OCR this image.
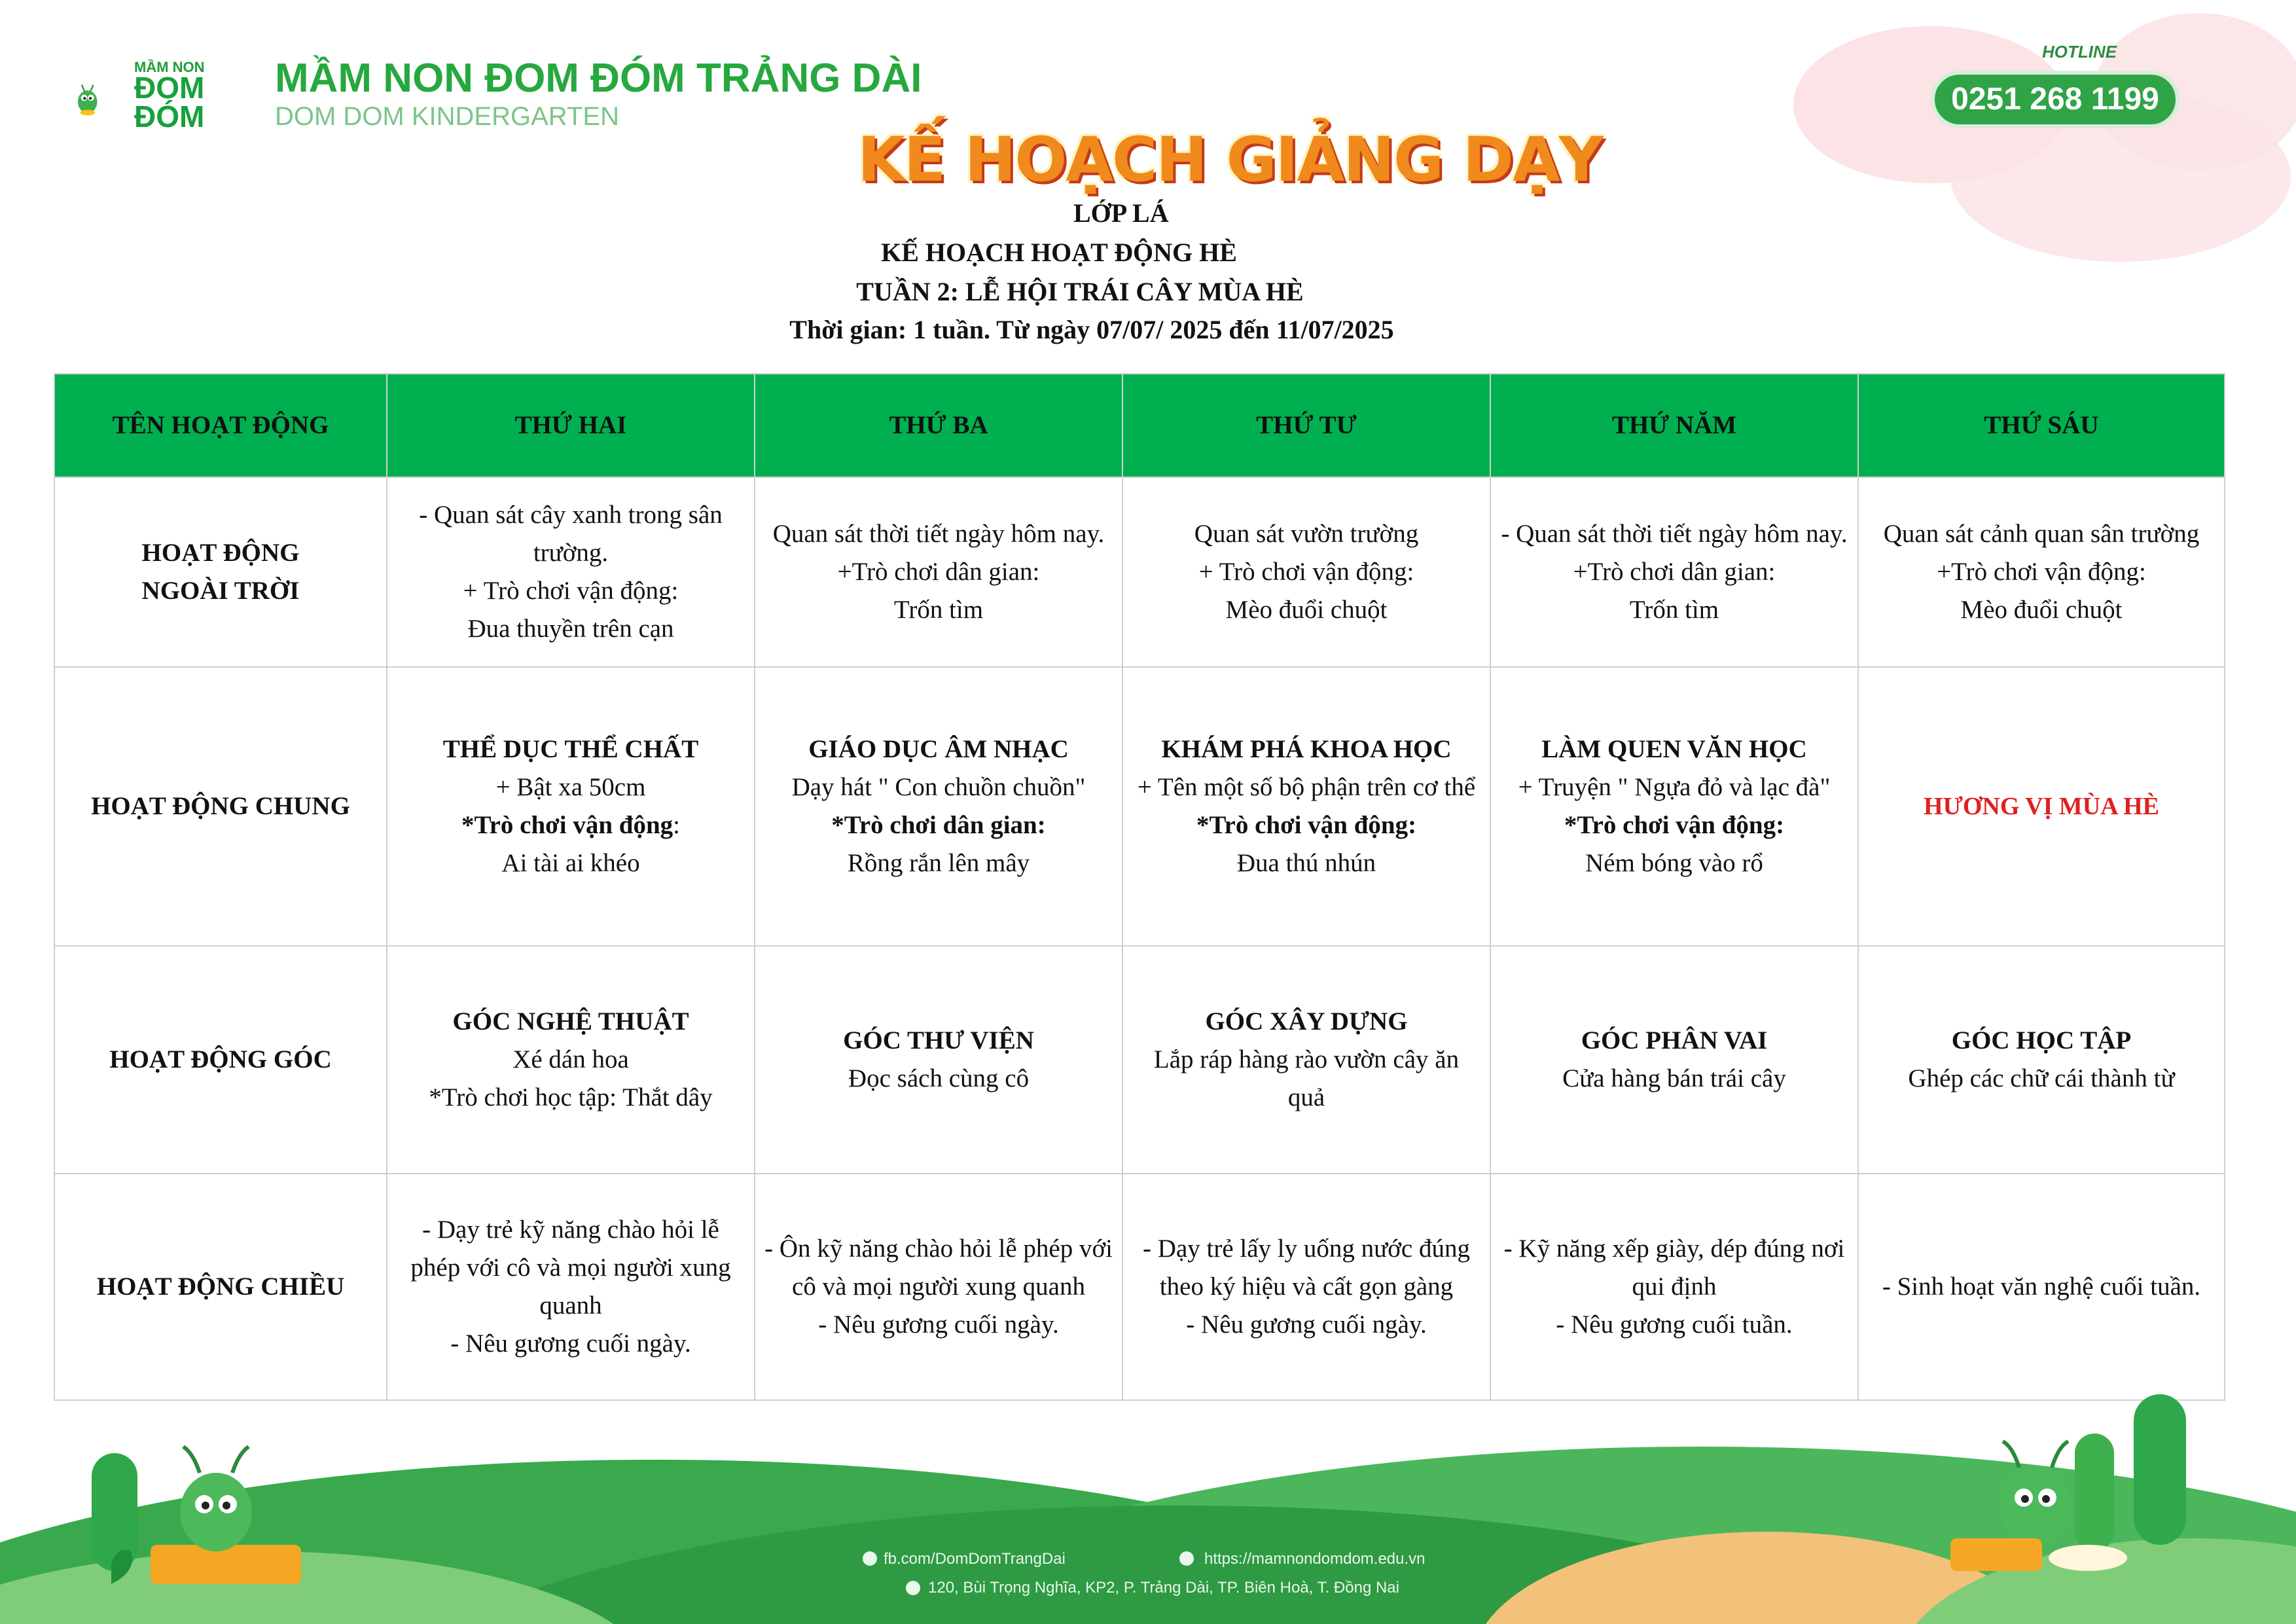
MẦM NON
ĐOM
ĐÓM
MẦM NON ĐOM ĐÓM TRẢNG DÀI
DOM DOM KINDERGARTEN
HOTLINE
0251 268 1199
KẾ HOẠCH GIẢNG DẠY
LỚP LÁ
KẾ HOẠCH HOẠT ĐỘNG HÈ
TUẦN 2: LỄ HỘI TRÁI CÂY MÙA HÈ
Thời gian: 1 tuần. Từ ngày 07/07/ 2025 đến 11/07/2025
TÊN HOẠT ĐỘNG	THỨ HAI	THỨ BA	THỨ TƯ	THỨ NĂM	THỨ SÁU

HOẠT ĐỘNG
NGOÀI TRỜI	- Quan sát cây xanh trong sân trường.
+ Trò chơi vận động:
Đua thuyền trên cạn	Quan sát thời tiết ngày hôm nay.
+Trò chơi dân gian:
Trốn tìm	Quan sát vườn trường
+ Trò chơi vận động:
Mèo đuổi chuột	- Quan sát thời tiết ngày hôm nay.
+Trò chơi dân gian:
Trốn tìm	Quan sát cảnh quan sân trường
+Trò chơi vận động:
Mèo đuổi chuột

HOẠT ĐỘNG CHUNG	THỂ DỤC THỂ CHẤT
+ Bật xa 50cm
*Trò chơi vận động:
Ai tài ai khéo	GIÁO DỤC ÂM NHẠC
Dạy hát " Con chuồn chuồn"
*Trò chơi dân gian:
Rồng rắn lên mây	KHÁM PHÁ KHOA HỌC
+ Tên một số bộ phận trên cơ thể
*Trò chơi vận động:
Đua thú nhún	LÀM QUEN VĂN HỌC
+ Truyện " Ngựa đỏ và lạc đà"
*Trò chơi vận động:
Ném bóng vào rổ	HƯƠNG VỊ MÙA HÈ

HOẠT ĐỘNG GÓC	GÓC NGHỆ THUẬT
Xé dán hoa
*Trò chơi học tập: Thắt dây	GÓC THƯ VIỆN
Đọc sách cùng cô	GÓC XÂY DỰNG
Lắp ráp hàng rào vườn cây ăn quả	GÓC PHÂN VAI
Cửa hàng bán trái cây	GÓC HỌC TẬP
Ghép các chữ cái thành từ

HOẠT ĐỘNG CHIỀU	- Dạy trẻ kỹ năng chào hỏi lễ phép với cô và mọi người xung quanh
- Nêu gương cuối ngày.	- Ôn kỹ năng chào hỏi lễ phép với cô và mọi người xung quanh
- Nêu gương cuối ngày.	- Dạy trẻ lấy ly uống nước đúng theo ký hiệu và cất gọn gàng
- Nêu gương cuối ngày.	- Kỹ năng xếp giày, dép đúng nơi qui định
- Nêu gương cuối tuần.	- Sinh hoạt văn nghệ cuối tuần.
fb.com/DomDomTrangDai	https://mamnondomdom.edu.vn
120, Bùi Trọng Nghĩa, KP2, P. Trảng Dài, TP. Biên Hoà, T. Đồng Nai
